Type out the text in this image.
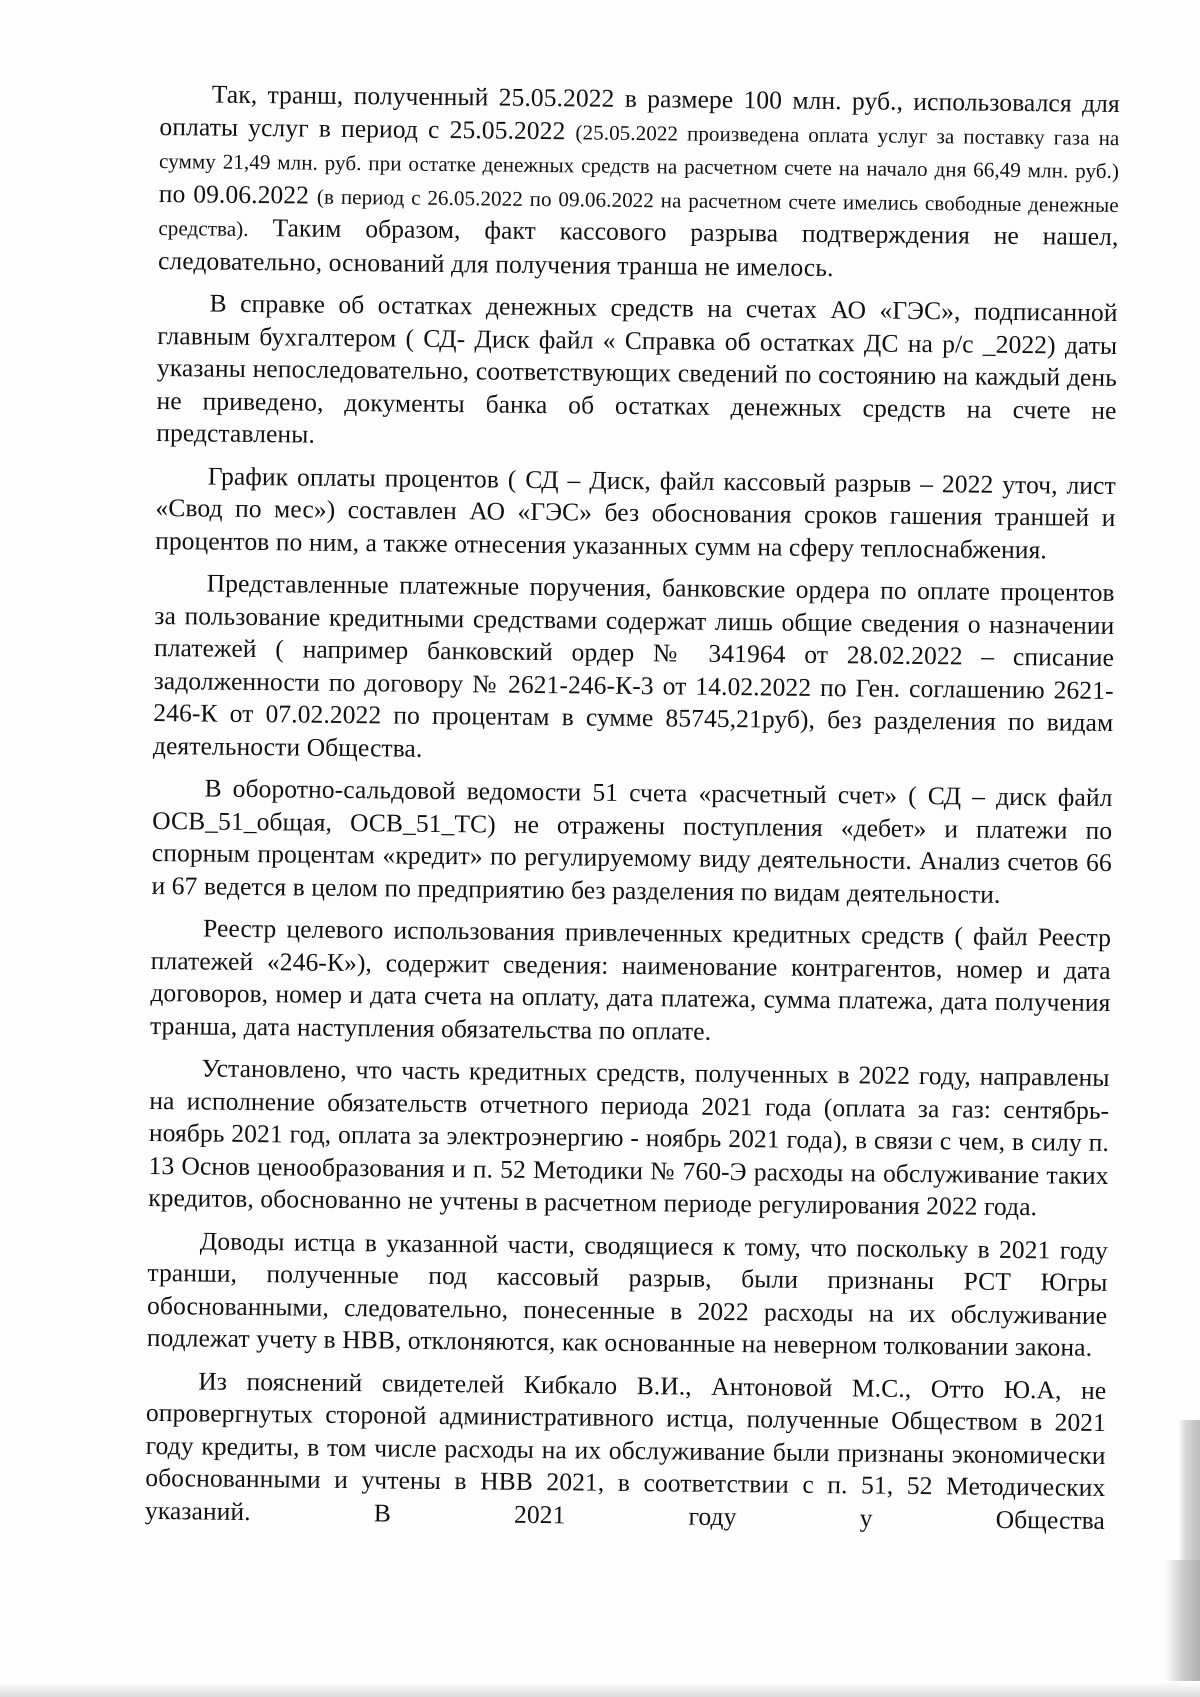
Так, транш, полученный 25.05.2022 в размере 100 млн. руб., использовался для оплаты услуг в период с 25.05.2022 (25.05.2022 произведена оплата услуг за поставку газа на сумму 21,49 млн. руб. при остатке денежных средств на расчетном счете на начало дня 66,49 млн. руб.) по 09.06.2022 (в период с 26.05.2022 по 09.06.2022 на расчетном счете имелись свободные денежные средства). Таким образом, факт кассового разрыва подтверждения не нашел, следовательно, оснований для получения транша не имелось.

В справке об остатках денежных средств на счетах АО «ГЭС», подписанной главным бухгалтером ( СД- Диск файл « Справка об остатках ДС на р/с _2022) даты указаны непоследовательно, соответствующих сведений по состоянию на каждый день не приведено, документы банка об остатках денежных средств на счете не представлены.

График оплаты процентов ( СД – Диск, файл кассовый разрыв – 2022 уточ, лист «Свод по мес») составлен АО «ГЭС» без обоснования сроков гашения траншей и процентов по ним, а также отнесения указанных сумм на сферу теплоснабжения.

Представленные платежные поручения, банковские ордера по оплате процентов за пользование кредитными средствами содержат лишь общие сведения о назначении платежей ( например банковский ордер № 341964 от 28.02.2022 – списание задолженности по договору № 2621-246-К-3 от 14.02.2022 по Ген. соглашению 2621-246-К от 07.02.2022 по процентам в сумме 85745,21руб), без разделения по видам деятельности Общества.

В оборотно-сальдовой ведомости 51 счета «расчетный счет» ( СД – диск файл ОСВ_51_общая, ОСВ_51_ТС) не отражены поступления «дебет» и платежи по спорным процентам «кредит» по регулируемому виду деятельности. Анализ счетов 66 и 67 ведется в целом по предприятию без разделения по видам деятельности.

Реестр целевого использования привлеченных кредитных средств ( файл Реестр платежей «246-К»), содержит сведения: наименование контрагентов, номер и дата договоров, номер и дата счета на оплату, дата платежа, сумма платежа, дата получения транша, дата наступления обязательства по оплате.

Установлено, что часть кредитных средств, полученных в 2022 году, направлены на исполнение обязательств отчетного периода 2021 года (оплата за газ: сентябрь-ноябрь 2021 год, оплата за электроэнергию - ноябрь 2021 года), в связи с чем, в силу п. 13 Основ ценообразования и п. 52 Методики № 760-Э расходы на обслуживание таких кредитов, обоснованно не учтены в расчетном периоде регулирования 2022 года.

Доводы истца в указанной части, сводящиеся к тому, что поскольку в 2021 году транши, полученные под кассовый разрыв, были признаны РСТ Югры обоснованными, следовательно, понесенные в 2022 расходы на их обслуживание подлежат учету в НВВ, отклоняются, как основанные на неверном толковании закона.

Из пояснений свидетелей Кибкало В.И., Антоновой М.С., Отто Ю.А, не опровергнутых стороной административного истца, полученные Обществом в 2021 году кредиты, в том числе расходы на их обслуживание были признаны экономически обоснованными и учтены в НВВ 2021, в соответствии с п. 51, 52 Методических указаний. В 2021 году у Общества
